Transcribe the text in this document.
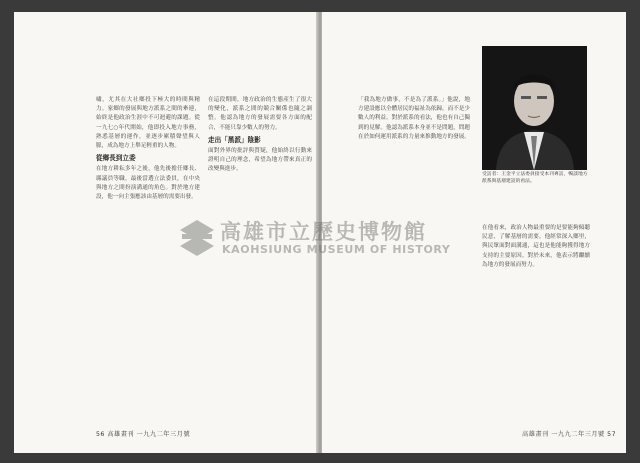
嘯，尤其在大社鄉投下極大的時間與精力。家鄉的發展與地方派系之間的牽連，始終是他政治生涯中不可迴避的課題。從一九七○年代開始，他即投入地方事務，熟悉基層的運作，並逐步累積聲望與人脈，成為地方上舉足輕重的人物。

從鄉長到立委

在地方耕耘多年之後，他先後擔任鄉長、縣議員等職，最後當選立法委員，在中央與地方之間扮演溝通的角色。對於地方建設，他一向主張應該由基層的需要出發。

在這段期間，地方政治的生態產生了很大的變化，派系之間的競合關係也隨之調整。他認為地方的發展需要各方面的配合，不能只靠少數人的努力。

走出「黑派」陰影

面對外界的批評與質疑，他始終以行動來證明自己的理念，希望為地方帶來真正的改變與進步。

56 高雄畫刊 一九九二年三月號

「我為地方做事，不是為了派系。」他說，地方建設應以全體居民的福祉為依歸，而不是少數人的利益。對於派系的看法，他也有自己獨到的見解。他認為派系本身並不是問題，問題在於如何運用派系的力量來推動地方的發展。

受訪者：王金平立法委員接受本刊專訪，暢談地方派系與基層建設的看法。

在他看來，政治人物最重要的是要能夠傾聽民意，了解基層的需要。他經常深入鄉里，與民眾面對面溝通，這也是他能夠獲得地方支持的主要原因。對於未來，他表示將繼續為地方的發展而努力。

高雄畫刊 一九九二年三月號 57
高雄市立歷史博物館
KAOHSIUNG MUSEUM OF HISTORY
